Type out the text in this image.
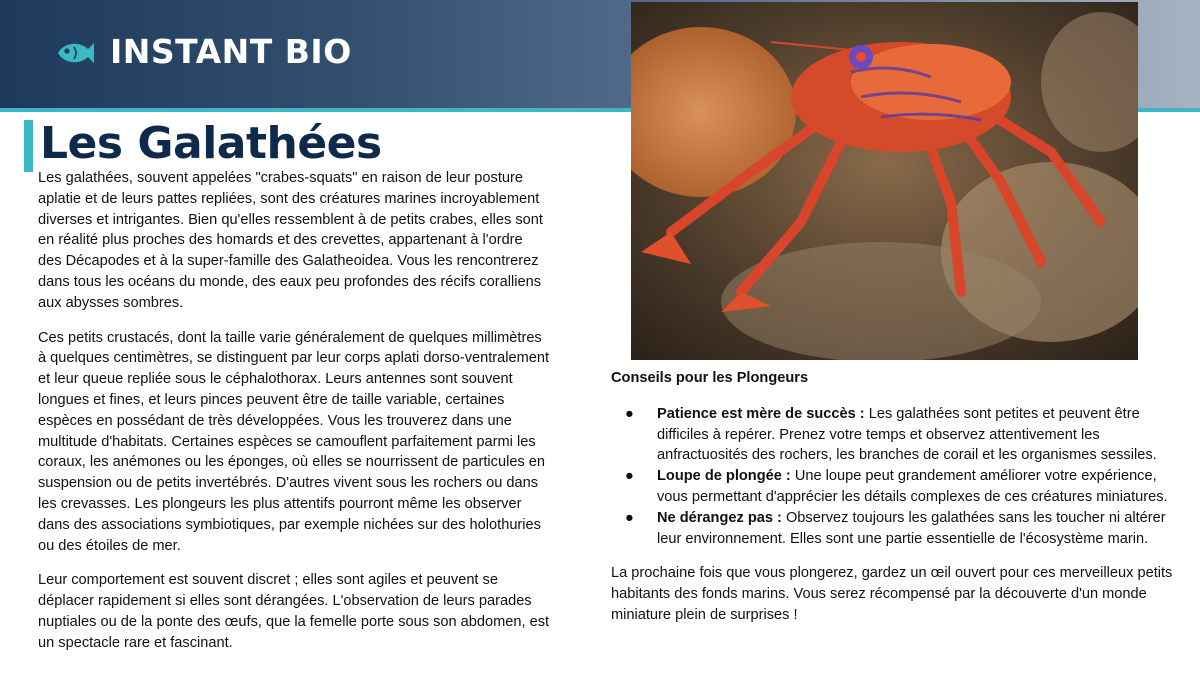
INSTANT BIO
Les Galathées

Les galathées, souvent appelées "crabes-squats" en raison de leur posture aplatie et de leurs pattes repliées, sont des créatures marines incroyablement diverses et intrigantes. Bien qu'elles ressemblent à de petits crabes, elles sont en réalité plus proches des homards et des crevettes, appartenant à l'ordre des Décapodes et à la super-famille des Galatheoidea. Vous les rencontrerez dans tous les océans du monde, des eaux peu profondes des récifs coralliens aux abysses sombres.

Ces petits crustacés, dont la taille varie généralement de quelques millimètres à quelques centimètres, se distinguent par leur corps aplati dorso-ventralement et leur queue repliée sous le céphalothorax. Leurs antennes sont souvent longues et fines, et leurs pinces peuvent être de taille variable, certaines espèces en possédant de très développées. Vous les trouverez dans une multitude d'habitats. Certaines espèces se camouflent parfaitement parmi les coraux, les anémones ou les éponges, où elles se nourrissent de particules en suspension ou de petits invertébrés. D'autres vivent sous les rochers ou dans les crevasses. Les plongeurs les plus attentifs pourront même les observer dans des associations symbiotiques, par exemple nichées sur des holothuries ou des étoiles de mer.

Leur comportement est souvent discret ; elles sont agiles et peuvent se déplacer rapidement si elles sont dérangées. L'observation de leurs parades nuptiales ou de la ponte des œufs, que la femelle porte sous son abdomen, est un spectacle rare et fascinant.

Conseils pour les Plongeurs

● Patience est mère de succès : Les galathées sont petites et peuvent être difficiles à repérer. Prenez votre temps et observez attentivement les anfractuosités des rochers, les branches de corail et les organismes sessiles.
● Loupe de plongée : Une loupe peut grandement améliorer votre expérience, vous permettant d'apprécier les détails complexes de ces créatures miniatures.
● Ne dérangez pas : Observez toujours les galathées sans les toucher ni altérer leur environnement. Elles sont une partie essentielle de l'écosystème marin.

La prochaine fois que vous plongerez, gardez un œil ouvert pour ces merveilleux petits habitants des fonds marins. Vous serez récompensé par la découverte d'un monde miniature plein de surprises !
